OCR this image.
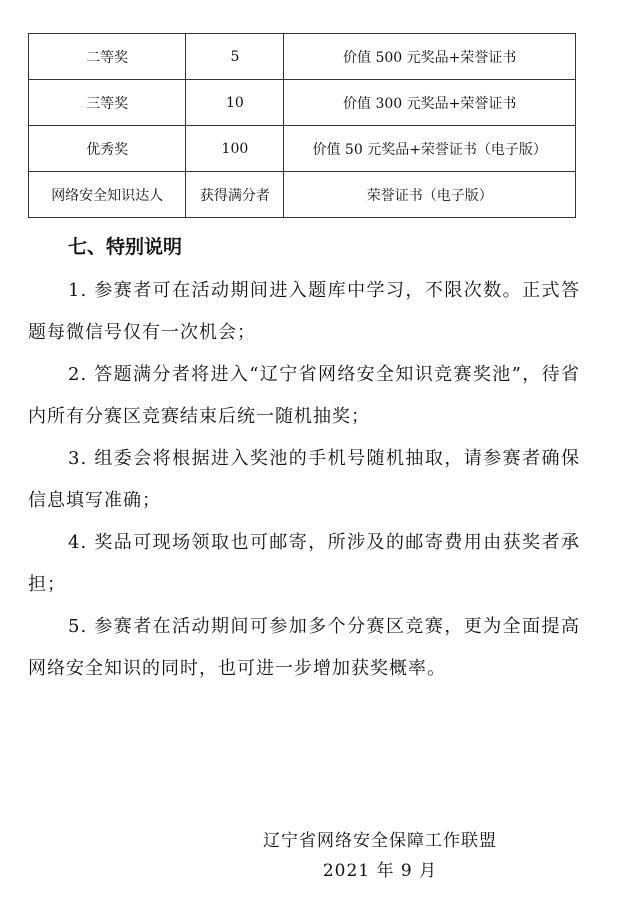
二等奖	5	价值 500 元奖品+荣誉证书
三等奖	10	价值 300 元奖品+荣誉证书
优秀奖	100	价值 50 元奖品+荣誉证书（电子版）
网络安全知识达人	获得满分者	荣誉证书（电子版）
七、特别说明
1. 参赛者可在活动期间进入题库中学习，不限次数。正式答题每微信号仅有一次机会；
2. 答题满分者将进入“辽宁省网络安全知识竞赛奖池”，待省内所有分赛区竞赛结束后统一随机抽奖；
3. 组委会将根据进入奖池的手机号随机抽取，请参赛者确保信息填写准确；
4. 奖品可现场领取也可邮寄，所涉及的邮寄费用由获奖者承担；
5. 参赛者在活动期间可参加多个分赛区竞赛，更为全面提高网络安全知识的同时，也可进一步增加获奖概率。
辽宁省网络安全保障工作联盟
2021 年 9 月
